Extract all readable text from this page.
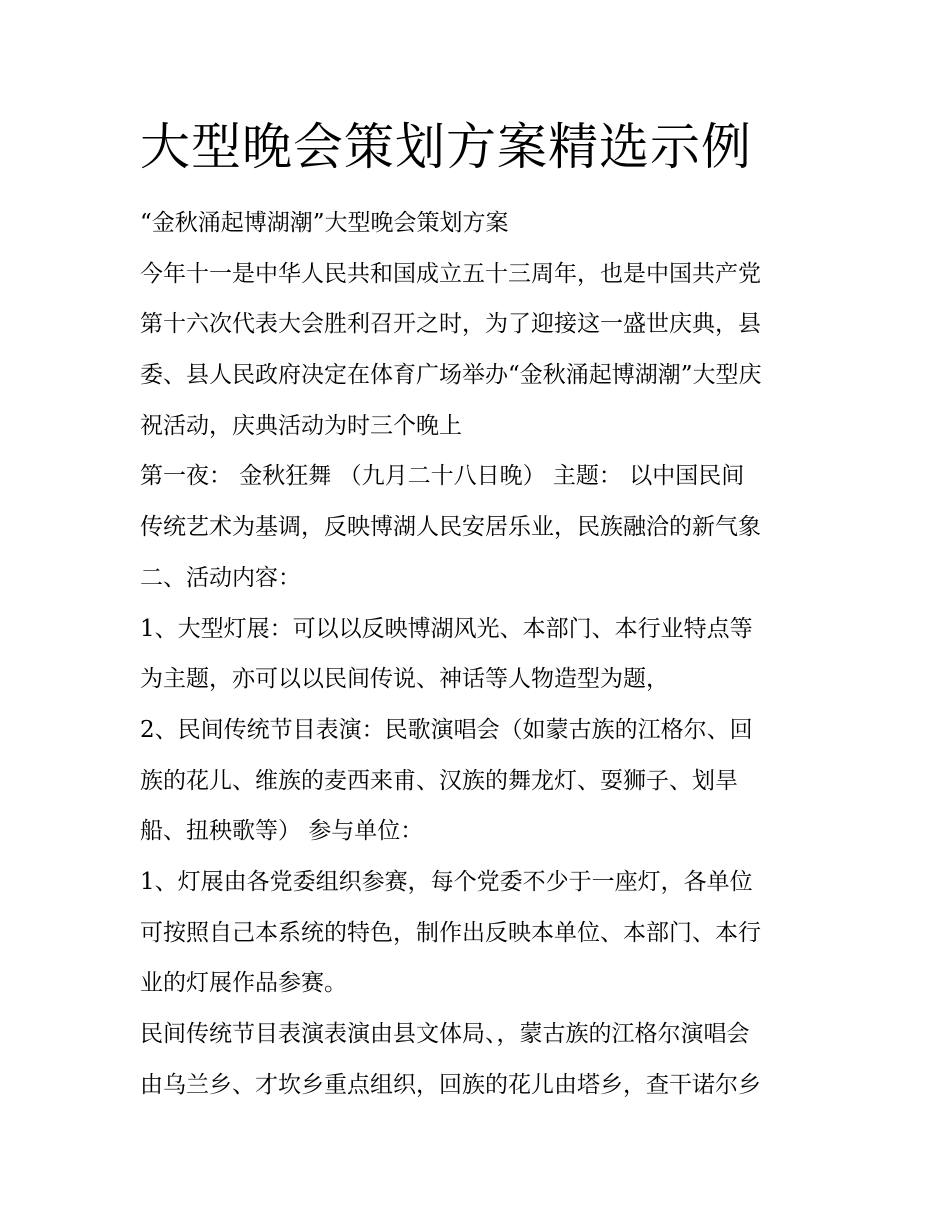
大型晚会策划方案精选示例
“金秋涌起博湖潮”大型晚会策划方案
今年十一是中华人民共和国成立五十三周年，也是中国共产党
第十六次代表大会胜利召开之时，为了迎接这一盛世庆典，县
委、县人民政府决定在体育广场举办“金秋涌起博湖潮”大型庆
祝活动，庆典活动为时三个晚上
第一夜： 金秋狂舞 （九月二十八日晚） 主题： 以中国民间
传统艺术为基调，反映博湖人民安居乐业，民族融洽的新气象
二、活动内容：
1、大型灯展：可以以反映博湖风光、本部门、本行业特点等
为主题，亦可以以民间传说、神话等人物造型为题，
2、民间传统节目表演：民歌演唱会（如蒙古族的江格尔、回
族的花儿、维族的麦西来甫、汉族的舞龙灯、耍狮子、划旱
船、扭秧歌等） 参与单位：
1、灯展由各党委组织参赛，每个党委不少于一座灯，各单位
可按照自己本系统的特色，制作出反映本单位、本部门、本行
业的灯展作品参赛。
民间传统节目表演表演由县文体局、，蒙古族的江格尔演唱会
由乌兰乡、才坎乡重点组织，回族的花儿由塔乡，查干诺尔乡
